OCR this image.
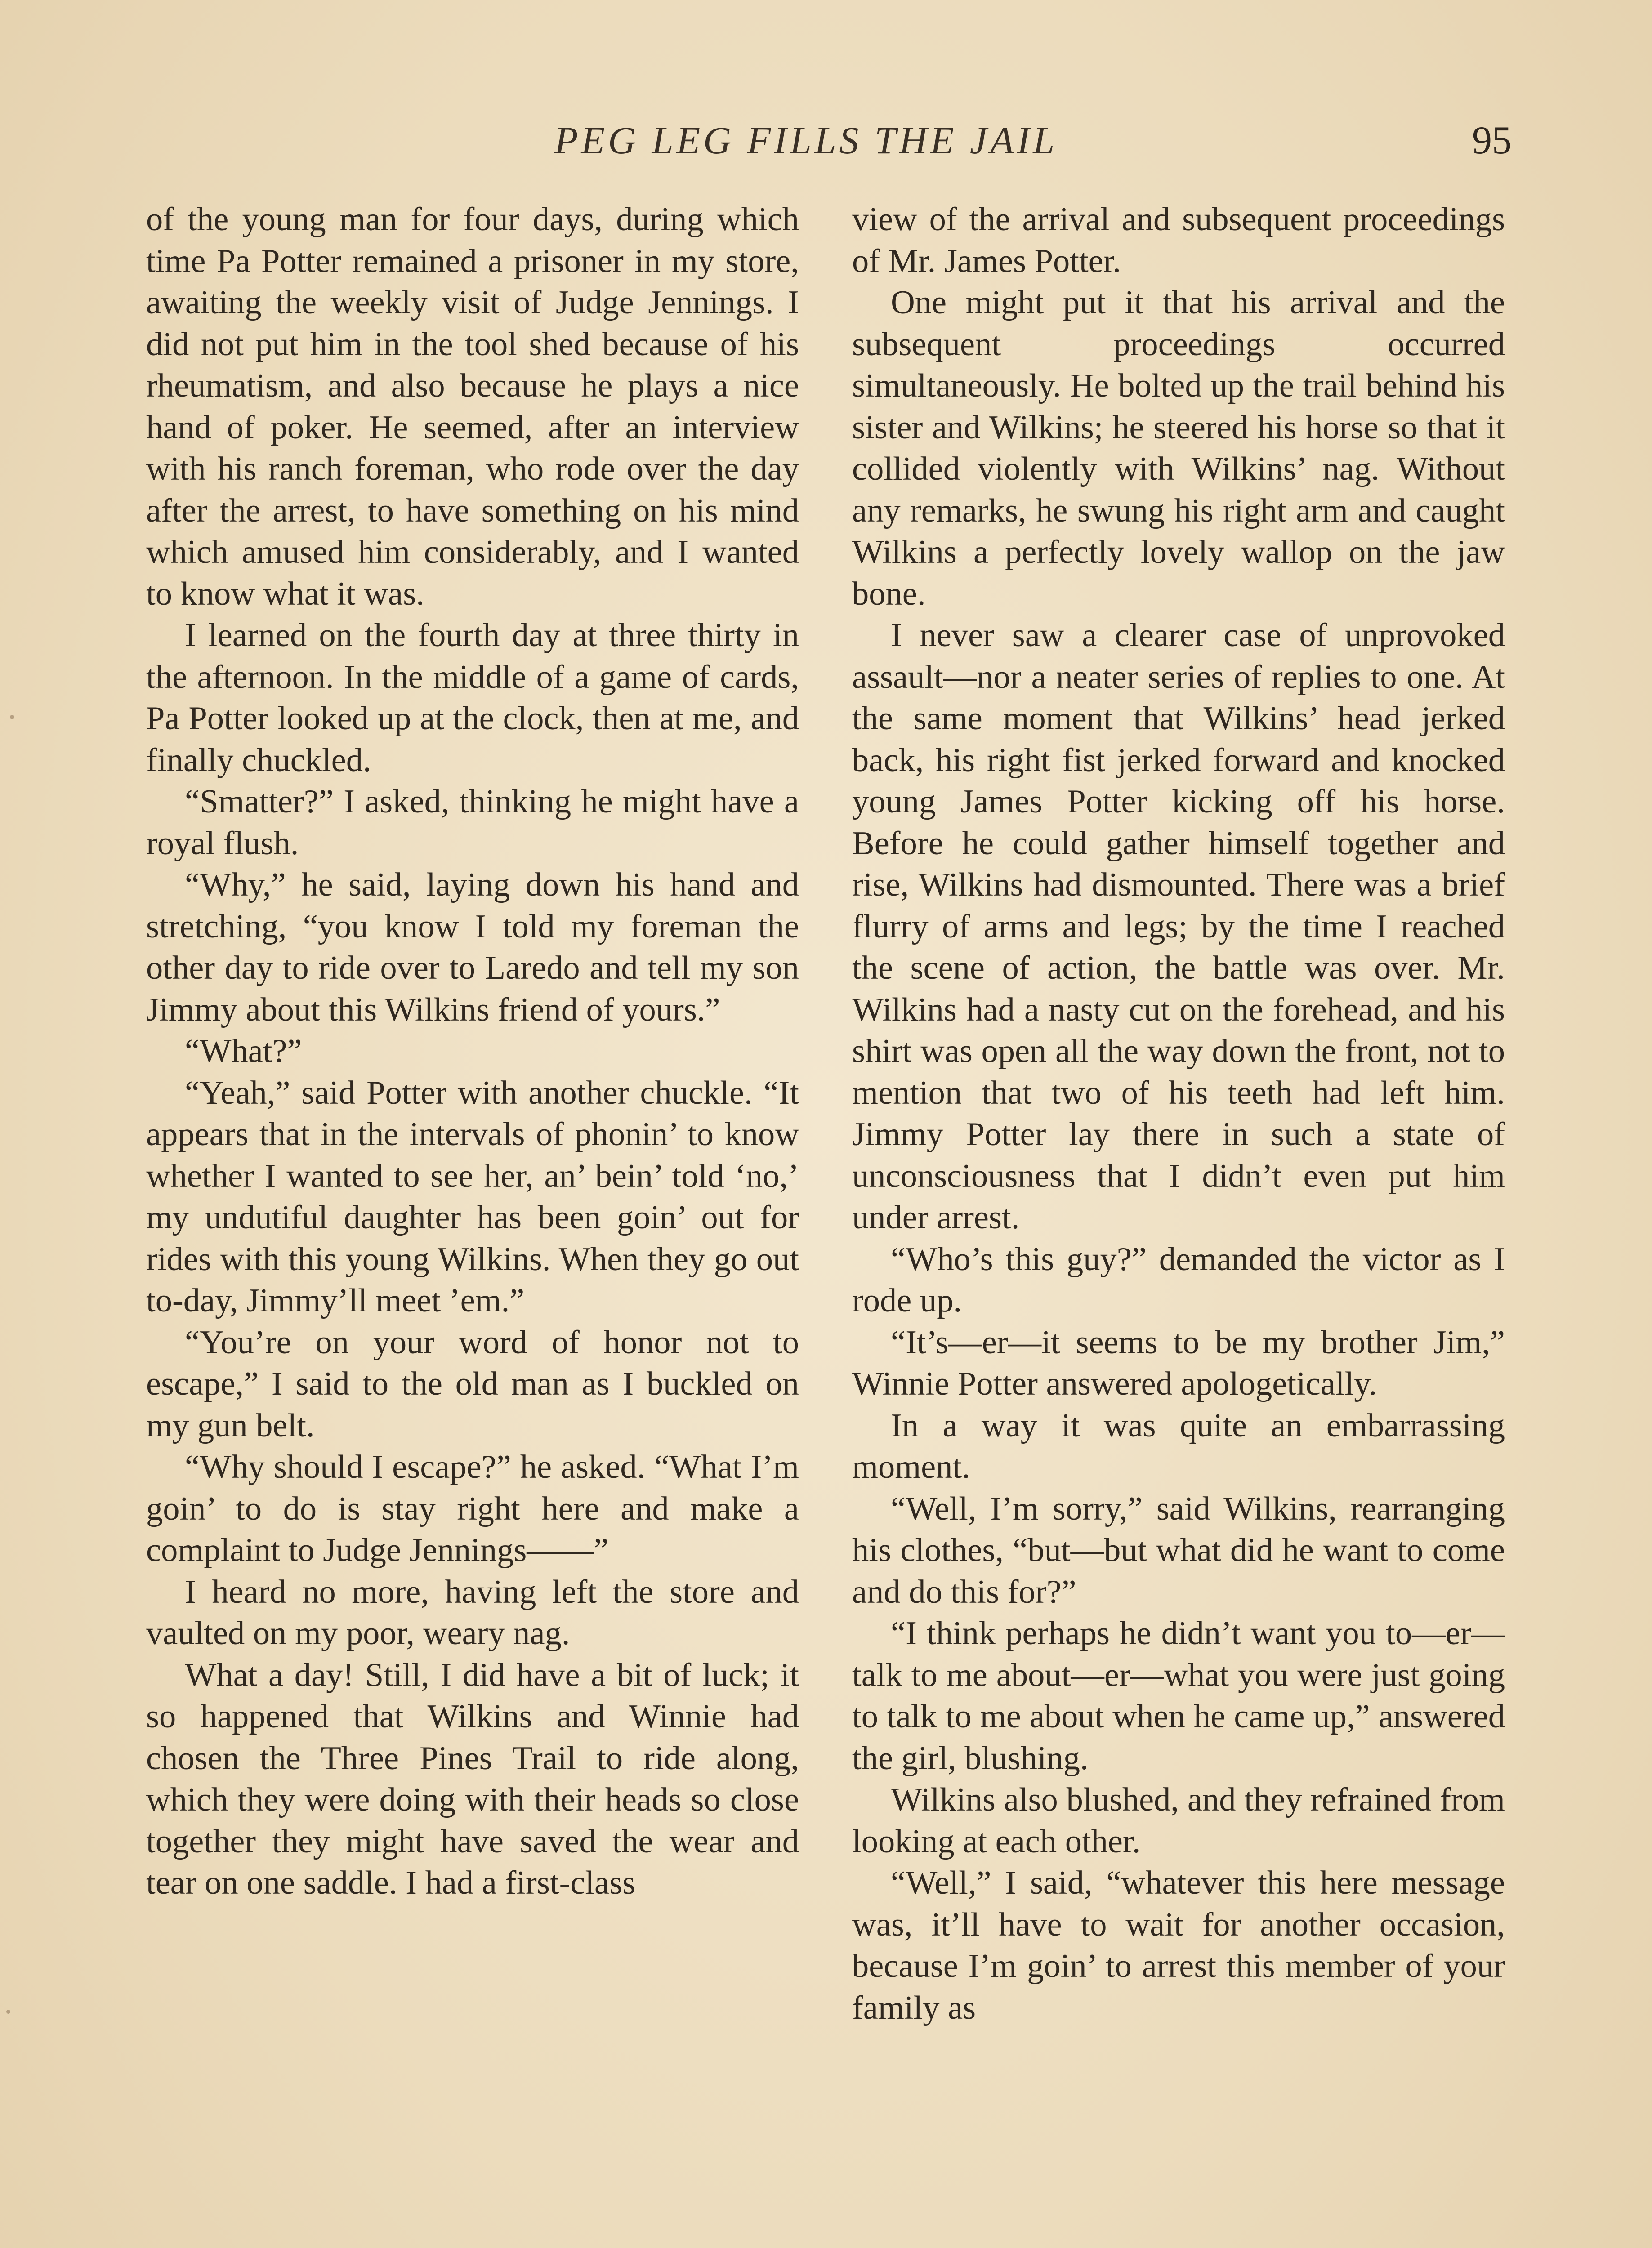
PEG LEG FILLS THE JAIL	95

of the young man for four days, during which time Pa Potter remained a prisoner in my store, awaiting the weekly visit of Judge Jennings. I did not put him in the tool shed because of his rheumatism, and also because he plays a nice hand of poker. He seemed, after an interview with his ranch foreman, who rode over the day after the arrest, to have something on his mind which amused him considerably, and I wanted to know what it was.

I learned on the fourth day at three thirty in the afternoon. In the middle of a game of cards, Pa Potter looked up at the clock, then at me, and finally chuckled.

“Smatter?” I asked, thinking he might have a royal flush.

“Why,” he said, laying down his hand and stretching, “you know I told my foreman the other day to ride over to Laredo and tell my son Jimmy about this Wilkins friend of yours.”

“What?”

“Yeah,” said Potter with another chuckle. “It appears that in the intervals of phonin’ to know whether I wanted to see her, an’ bein’ told ‘no,’ my undutiful daughter has been goin’ out for rides with this young Wilkins. When they go out to-day, Jimmy’ll meet ’em.”

“You’re on your word of honor not to escape,” I said to the old man as I buckled on my gun belt.

“Why should I escape?” he asked. “What I’m goin’ to do is stay right here and make a complaint to Judge Jennings——”

I heard no more, having left the store and vaulted on my poor, weary nag.

What a day! Still, I did have a bit of luck; it so happened that Wilkins and Winnie had chosen the Three Pines Trail to ride along, which they were doing with their heads so close together they might have saved the wear and tear on one saddle. I had a first-class

view of the arrival and subsequent proceedings of Mr. James Potter.

One might put it that his arrival and the subsequent proceedings occurred simultaneously. He bolted up the trail behind his sister and Wilkins; he steered his horse so that it collided violently with Wilkins’ nag. Without any remarks, he swung his right arm and caught Wilkins a perfectly lovely wallop on the jaw bone.

I never saw a clearer case of unprovoked assault—nor a neater series of replies to one. At the same moment that Wilkins’ head jerked back, his right fist jerked forward and knocked young James Potter kicking off his horse. Before he could gather himself together and rise, Wilkins had dismounted. There was a brief flurry of arms and legs; by the time I reached the scene of action, the battle was over. Mr. Wilkins had a nasty cut on the forehead, and his shirt was open all the way down the front, not to mention that two of his teeth had left him. Jimmy Potter lay there in such a state of unconsciousness that I didn’t even put him under arrest.

“Who’s this guy?” demanded the victor as I rode up.

“It’s—er—it seems to be my brother Jim,” Winnie Potter answered apologetically.

In a way it was quite an embarrassing moment.

“Well, I’m sorry,” said Wilkins, rearranging his clothes, “but—but what did he want to come and do this for?”

“I think perhaps he didn’t want you to—er—talk to me about—er—what you were just going to talk to me about when he came up,” answered the girl, blushing.

Wilkins also blushed, and they refrained from looking at each other.

“Well,” I said, “whatever this here message was, it’ll have to wait for another occasion, because I’m goin’ to arrest this member of your family as
